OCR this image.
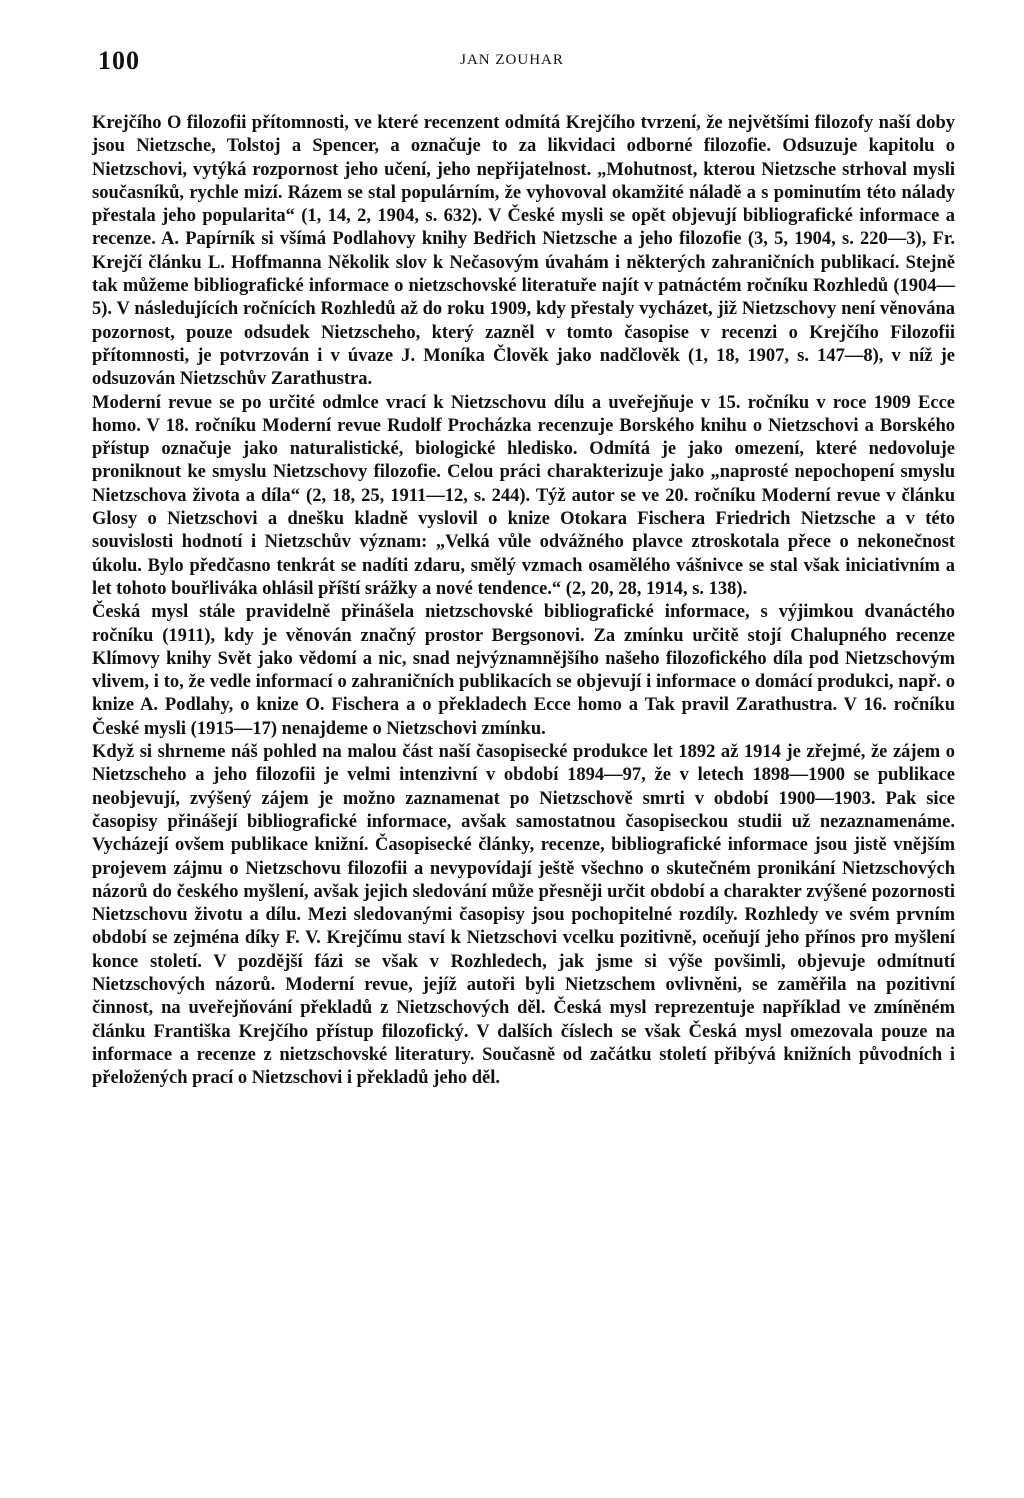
100	JAN ZOUHAR

Krejčího O filozofii přítomnosti, ve které recenzent odmítá Krejčího tvrzení, že největšími filozofy naší doby jsou Nietzsche, Tolstoj a Spencer, a označuje to za likvidaci odborné filozofie. Odsuzuje kapitolu o Nietzschovi, vytýká rozpornost jeho učení, jeho nepřijatelnost. „Mohutnost, kterou Nietzsche strhoval mysli současníků, rychle mizí. Rázem se stal populárním, že vyhovoval okamžité náladě a s pominutím této nálady přestala jeho popularita“ (1, 14, 2, 1904, s. 632). V České mysli se opět objevují bibliografické informace a recenze. A. Papírník si všímá Podlahovy knihy Bedřich Nietzsche a jeho filozofie (3, 5, 1904, s. 220—3), Fr. Krejčí článku L. Hoffmanna Několik slov k Nečasovým úvahám i některých zahraničních publikací. Stejně tak můžeme bibliografické informace o nietzschovské literatuře najít v patnáctém ročníku Rozhledů (1904—5). V následujících ročnících Rozhledů až do roku 1909, kdy přestaly vycházet, již Nietzschovy není věnována pozornost, pouze odsudek Nietzscheho, který zazněl v tomto časopise v recenzi o Krejčího Filozofii přítomnosti, je potvrzován i v úvaze J. Moníka Člověk jako nadčlověk (1, 18, 1907, s. 147—8), v níž je odsuzován Nietzschův Zarathustra.

Moderní revue se po určité odmlce vrací k Nietzschovu dílu a uveřejňuje v 15. ročníku v roce 1909 Ecce homo. V 18. ročníku Moderní revue Rudolf Procházka recenzuje Borského knihu o Nietzschovi a Borského přístup označuje jako naturalistické, biologické hledisko. Odmítá je jako omezení, které nedovoluje proniknout ke smyslu Nietzschovy filozofie. Celou práci charakterizuje jako „naprosté nepochopení smyslu Nietzschova života a díla“ (2, 18, 25, 1911—12, s. 244). Týž autor se ve 20. ročníku Moderní revue v článku Glosy o Nietzschovi a dnešku kladně vyslovil o knize Otokara Fischera Friedrich Nietzsche a v této souvislosti hodnotí i Nietzschův význam: „Velká vůle odvážného plavce ztroskotala přece o nekonečnost úkolu. Bylo předčasno tenkrát se nadíti zdaru, smělý vzmach osamělého vášnivce se stal však iniciativním a let tohoto bouřliváka ohlásil příští srážky a nové tendence.“ (2, 20, 28, 1914, s. 138).

Česká mysl stále pravidelně přinášela nietzschovské bibliografické informace, s výjimkou dvanáctého ročníku (1911), kdy je věnován značný prostor Bergsonovi. Za zmínku určitě stojí Chalupného recenze Klímovy knihy Svět jako vědomí a nic, snad nejvýznamnějšího našeho filozofického díla pod Nietzschovým vlivem, i to, že vedle informací o zahraničních publikacích se objevují i informace o domácí produkci, např. o knize A. Podlahy, o knize O. Fischera a o překladech Ecce homo a Tak pravil Zarathustra. V 16. ročníku České mysli (1915—17) nenajdeme o Nietzschovi zmínku.

Když si shrneme náš pohled na malou část naší časopisecké produkce let 1892 až 1914 je zřejmé, že zájem o Nietzscheho a jeho filozofii je velmi intenzivní v období 1894—97, že v letech 1898—1900 se publikace neobjevují, zvýšený zájem je možno zaznamenat po Nietzschově smrti v období 1900—1903. Pak sice časopisy přinášejí bibliografické informace, avšak samostatnou časopiseckou studii už nezaznamenáme. Vycházejí ovšem publikace knižní. Časopisecké články, recenze, bibliografické informace jsou jistě vnějším projevem zájmu o Nietzschovu filozofii a nevypovídají ještě všechno o skutečném pronikání Nietzschových názorů do českého myšlení, avšak jejich sledování může přesněji určit období a charakter zvýšené pozornosti Nietzschovu životu a dílu. Mezi sledovanými časopisy jsou pochopitelné rozdíly. Rozhledy ve svém prvním období se zejména díky F. V. Krejčímu staví k Nietzschovi vcelku pozitivně, oceňují jeho přínos pro myšlení konce století. V pozdější fázi se však v Rozhledech, jak jsme si výše povšimli, objevuje odmítnutí Nietzschových názorů. Moderní revue, jejíž autoři byli Nietzschem ovlivněni, se zaměřila na pozitivní činnost, na uveřejňování překladů z Nietzschových děl. Česká mysl reprezentuje například ve zmíněném článku Františka Krejčího přístup filozofický. V dalších číslech se však Česká mysl omezovala pouze na informace a recenze z nietzschovské literatury. Současně od začátku století přibývá knižních původních i přeložených prací o Nietzschovi i překladů jeho děl.
